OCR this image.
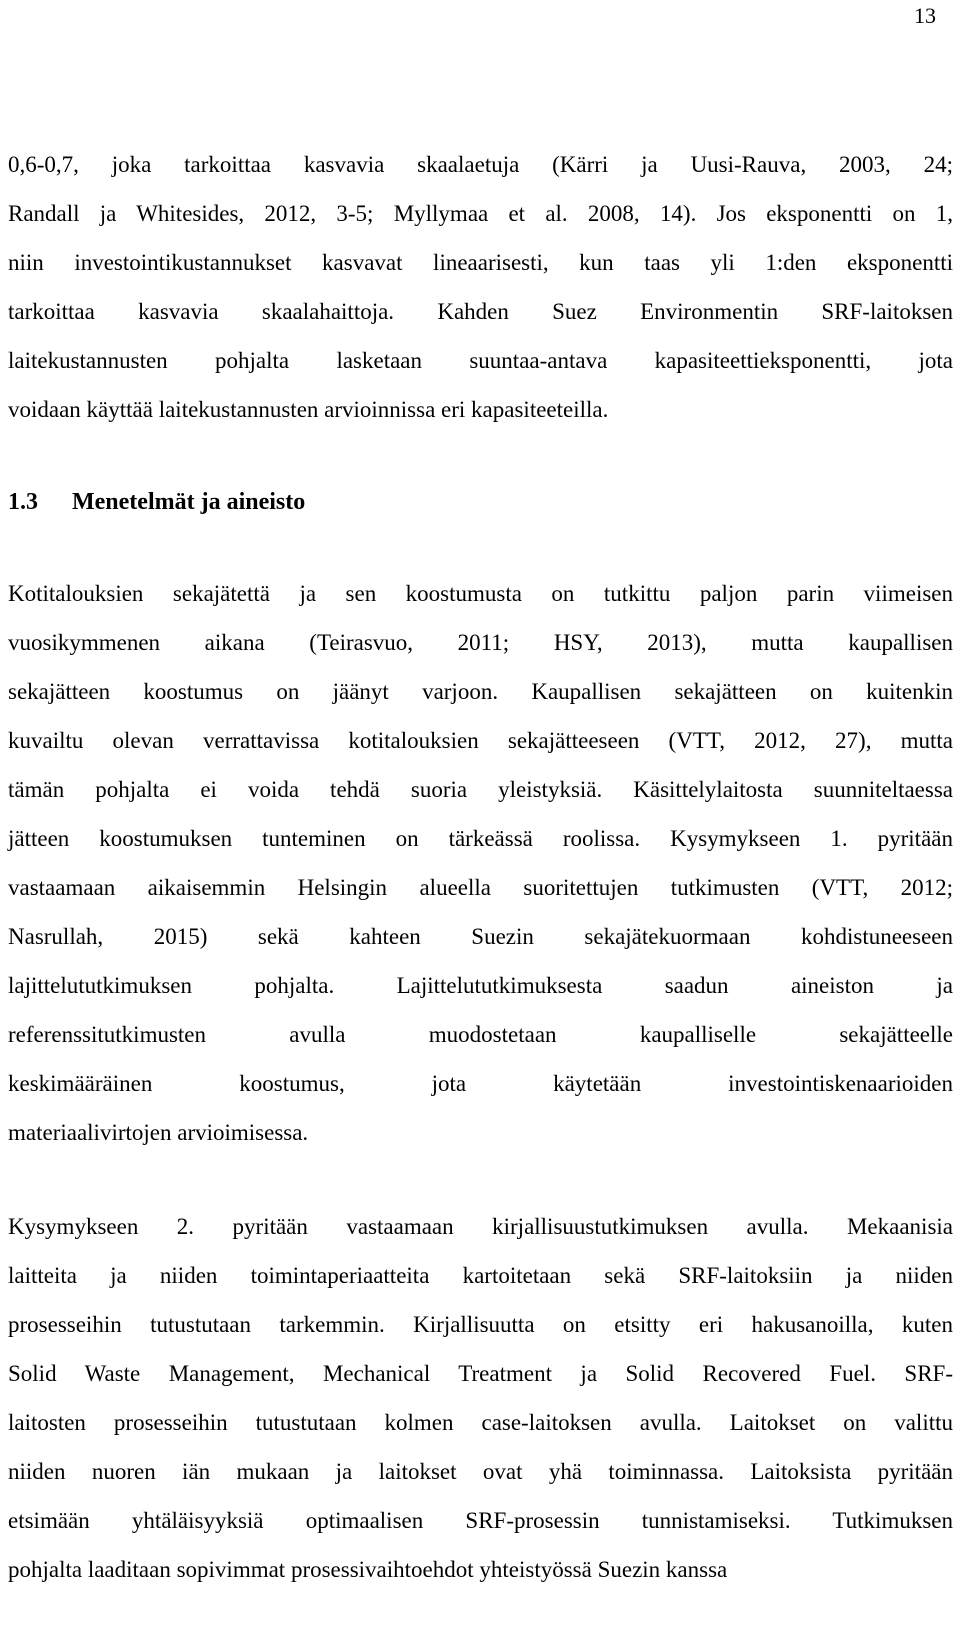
13
0,6-0,7, joka tarkoittaa kasvavia skaalaetuja (Kärri ja Uusi-Rauva, 2003, 24;
Randall ja Whitesides, 2012, 3-5; Myllymaa et al. 2008, 14). Jos eksponentti on 1,
niin investointikustannukset kasvavat lineaarisesti, kun taas yli 1:den eksponentti
tarkoittaa kasvavia skaalahaittoja. Kahden Suez Environmentin SRF-laitoksen
laitekustannusten pohjalta lasketaan suuntaa-antava kapasiteettieksponentti, jota
voidaan käyttää laitekustannusten arvioinnissa eri kapasiteeteilla.
1.3 Menetelmät ja aineisto
Kotitalouksien sekajätettä ja sen koostumusta on tutkittu paljon parin viimeisen
vuosikymmenen aikana (Teirasvuo, 2011; HSY, 2013), mutta kaupallisen
sekajätteen koostumus on jäänyt varjoon. Kaupallisen sekajätteen on kuitenkin
kuvailtu olevan verrattavissa kotitalouksien sekajätteeseen (VTT, 2012, 27), mutta
tämän pohjalta ei voida tehdä suoria yleistyksiä. Käsittelylaitosta suunniteltaessa
jätteen koostumuksen tunteminen on tärkeässä roolissa. Kysymykseen 1. pyritään
vastaamaan aikaisemmin Helsingin alueella suoritettujen tutkimusten (VTT, 2012;
Nasrullah, 2015) sekä kahteen Suezin sekajätekuormaan kohdistuneeseen
lajittelututkimuksen pohjalta. Lajittelututkimuksesta saadun aineiston ja
referenssitutkimusten avulla muodostetaan kaupalliselle sekajätteelle
keskimääräinen koostumus, jota käytetään investointiskenaarioiden
materiaalivirtojen arvioimisessa.
Kysymykseen 2. pyritään vastaamaan kirjallisuustutkimuksen avulla. Mekaanisia
laitteita ja niiden toimintaperiaatteita kartoitetaan sekä SRF-laitoksiin ja niiden
prosesseihin tutustutaan tarkemmin. Kirjallisuutta on etsitty eri hakusanoilla, kuten
Solid Waste Management, Mechanical Treatment ja Solid Recovered Fuel. SRF-
laitosten prosesseihin tutustutaan kolmen case-laitoksen avulla. Laitokset on valittu
niiden nuoren iän mukaan ja laitokset ovat yhä toiminnassa. Laitoksista pyritään
etsimään yhtäläisyyksiä optimaalisen SRF-prosessin tunnistamiseksi. Tutkimuksen
pohjalta laaditaan sopivimmat prosessivaihtoehdot yhteistyössä Suezin kanssa
